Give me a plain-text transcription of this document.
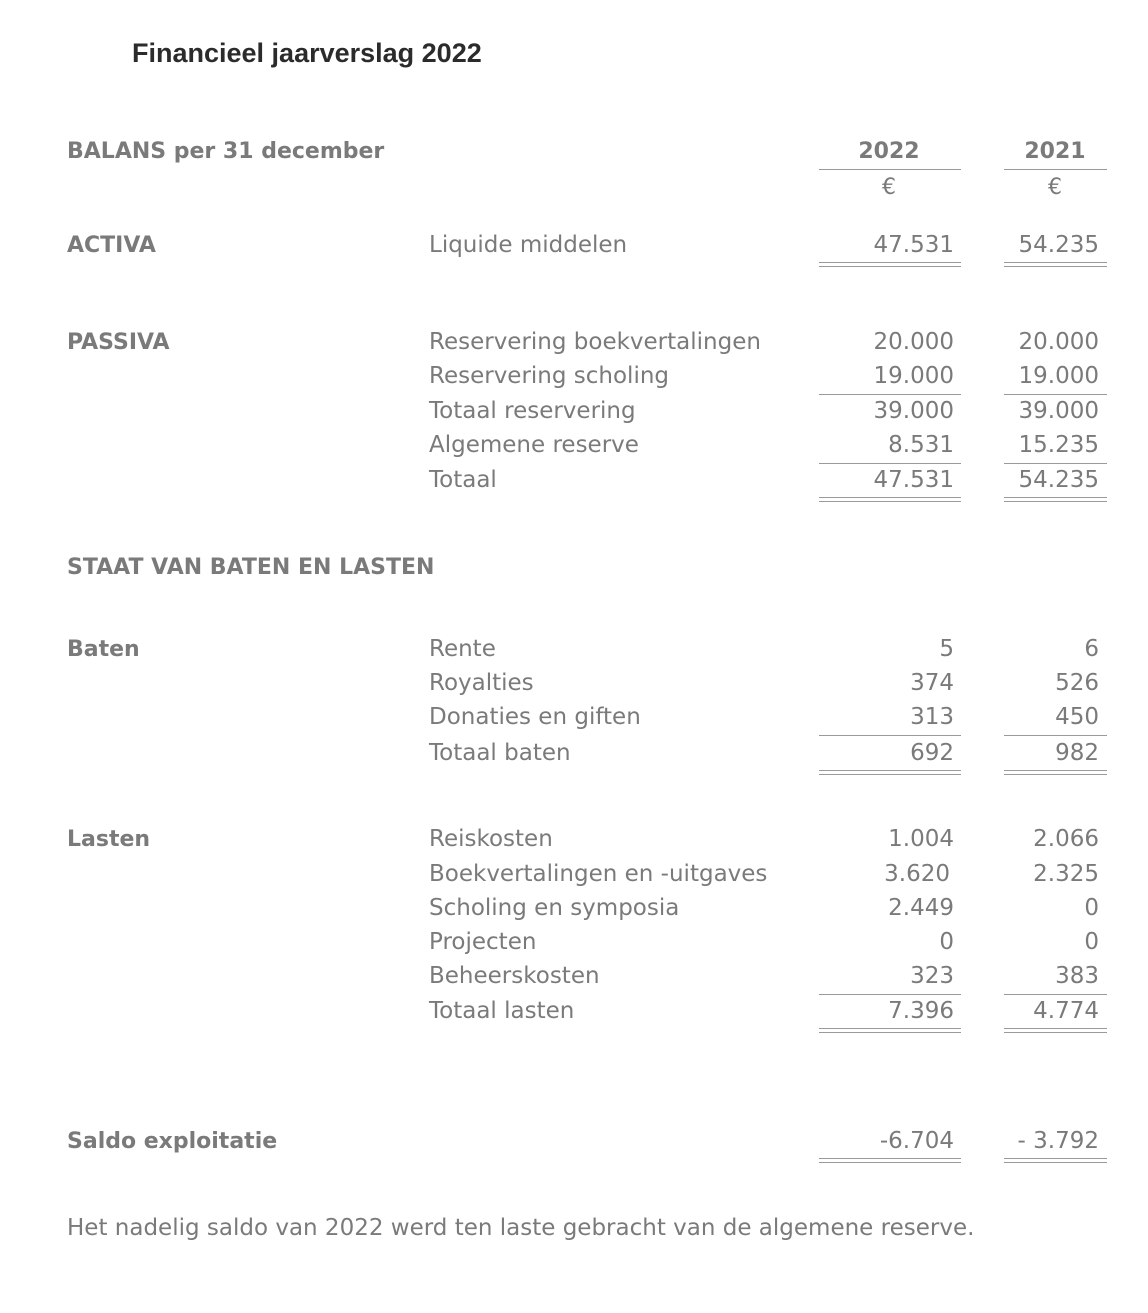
Financieel jaarverslag 2022
BALANS per 31 december	2022	2021
€	€
ACTIVA	Liquide middelen	47.531	54.235
PASSIVA	Reservering boekvertalingen	20.000	20.000
Reservering scholing	19.000	19.000
Totaal reservering	39.000	39.000
Algemene reserve	8.531	15.235
Totaal	47.531	54.235
STAAT VAN BATEN EN LASTEN
Baten	Rente	5	6
Royalties	374	526
Donaties en giften	313	450
Totaal baten	692	982
Lasten	Reiskosten	1.004	2.066
Boekvertalingen en -uitgaves	3.620	2.325
Scholing en symposia	2.449	0
Projecten	0	0
Beheerskosten	323	383
Totaal lasten	7.396	4.774
Saldo exploitatie	-6.704	- 3.792
Het nadelig saldo van 2022 werd ten laste gebracht van de algemene reserve.
